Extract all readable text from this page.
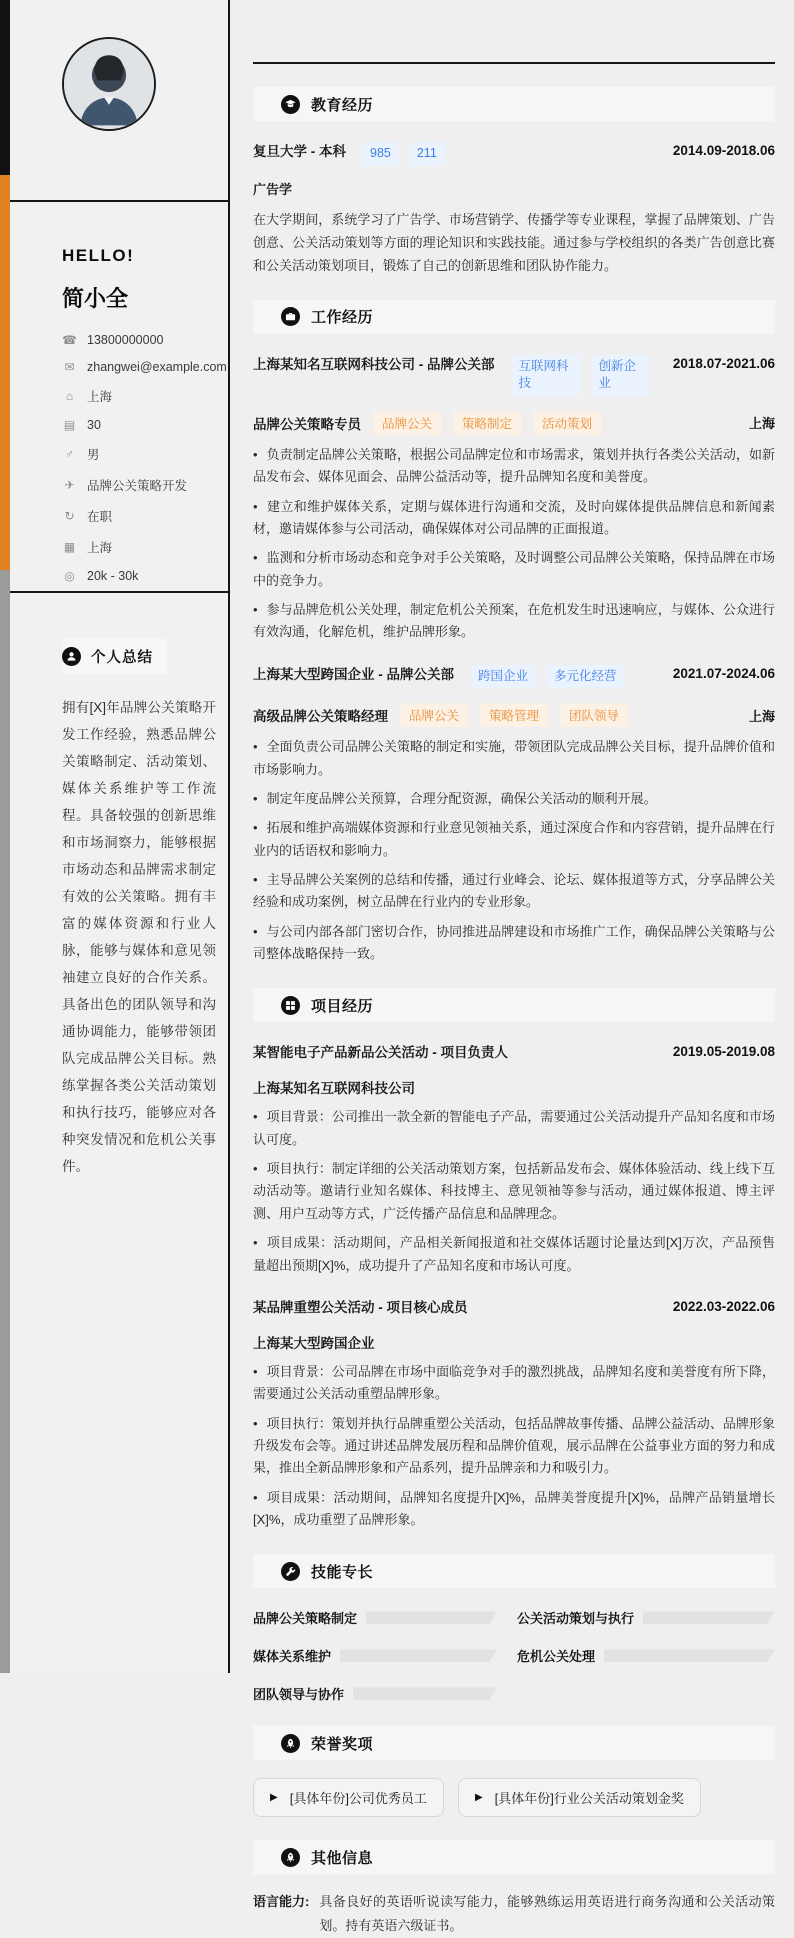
HELLO!
简小全
☎ 13800000000
✉ zhangwei@example.com
⌂	上海
▤ 30
♂ 男
✈ 品牌公关策略开发
↻ 在职
▦ 上海
◎ 20k - 30k
个人总结

拥有[X]年品牌公关策略开发工作经验，熟悉品牌公关策略制定、活动策划、媒体关系维护等工作流程。具备较强的创新思维和市场洞察力，能够根据市场动态和品牌需求制定有效的公关策略。拥有丰富的媒体资源和行业人脉，能够与媒体和意见领袖建立良好的合作关系。具备出色的团队领导和沟通协调能力，能够带领团队完成品牌公关目标。熟练掌握各类公关活动策划和执行技巧，能够应对各种突发情况和危机公关事件。

教育经历
复旦大学 - 本科	985	211	2014.09-2018.06
广告学

在大学期间，系统学习了广告学、市场营销学、传播学等专业课程，掌握了品牌策划、广告创意、公关活动策划等方面的理论知识和实践技能。通过参与学校组织的各类广告创意比赛和公关活动策划项目，锻炼了自己的创新思维和团队协作能力。

工作经历
上海某知名互联网科技公司 - 品牌公关部	互联网科技
创新企业
2018.07-2021.06
品牌公关策略专员	品牌公关	策略制定	活动策划	上海
• 负责制定品牌公关策略，根据公司品牌定位和市场需求，策划并执行各类公关活动，如新品发布会、媒体见面会、品牌公益活动等，提升品牌知名度和美誉度。
• 建立和维护媒体关系，定期与媒体进行沟通和交流，及时向媒体提供品牌信息和新闻素材，邀请媒体参与公司活动，确保媒体对公司品牌的正面报道。
• 监测和分析市场动态和竞争对手公关策略，及时调整公司品牌公关策略，保持品牌在市场中的竞争力。
• 参与品牌危机公关处理，制定危机公关预案，在危机发生时迅速响应，与媒体、公众进行有效沟通，化解危机，维护品牌形象。
上海某大型跨国企业 - 品牌公关部	跨国企业	多元化经营	2021.07-2024.06
高级品牌公关策略经理	品牌公关	策略管理	团队领导	上海
• 全面负责公司品牌公关策略的制定和实施，带领团队完成品牌公关目标，提升品牌价值和市场影响力。
• 制定年度品牌公关预算，合理分配资源，确保公关活动的顺利开展。
• 拓展和维护高端媒体资源和行业意见领袖关系，通过深度合作和内容营销，提升品牌在行业内的话语权和影响力。
• 主导品牌公关案例的总结和传播，通过行业峰会、论坛、媒体报道等方式，分享品牌公关经验和成功案例，树立品牌在行业内的专业形象。
• 与公司内部各部门密切合作，协同推进品牌建设和市场推广工作，确保品牌公关策略与公司整体战略保持一致。
项目经历
某智能电子产品新品公关活动 - 项目负责人	2019.05-2019.08
上海某知名互联网科技公司
• 项目背景：公司推出一款全新的智能电子产品，需要通过公关活动提升产品知名度和市场认可度。
• 项目执行：制定详细的公关活动策划方案，包括新品发布会、媒体体验活动、线上线下互动活动等。邀请行业知名媒体、科技博主、意见领袖等参与活动，通过媒体报道、博主评测、用户互动等方式，广泛传播产品信息和品牌理念。
• 项目成果：活动期间，产品相关新闻报道和社交媒体话题讨论量达到[X]万次，产品预售量超出预期[X]%，成功提升了产品知名度和市场认可度。
某品牌重塑公关活动 - 项目核心成员	2022.03-2022.06
上海某大型跨国企业
• 项目背景：公司品牌在市场中面临竞争对手的激烈挑战，品牌知名度和美誉度有所下降，需要通过公关活动重塑品牌形象。
• 项目执行：策划并执行品牌重塑公关活动，包括品牌故事传播、品牌公益活动、品牌形象升级发布会等。通过讲述品牌发展历程和品牌价值观，展示品牌在公益事业方面的努力和成果，推出全新品牌形象和产品系列，提升品牌亲和力和吸引力。
• 项目成果：活动期间，品牌知名度提升[X]%，品牌美誉度提升[X]%，品牌产品销量增长[X]%，成功重塑了品牌形象。
技能专长
品牌公关策略制定	公关活动策划与执行
媒体关系维护	危机公关处理
团队领导与协作
荣誉奖项
▶ [具体年份]公司优秀员工	▶ [具体年份]行业公关活动策划金奖
其他信息
语言能力: 具备良好的英语听说读写能力，能够熟练运用英语进行商务沟通和公关活动策划。持有英语六级证书。
